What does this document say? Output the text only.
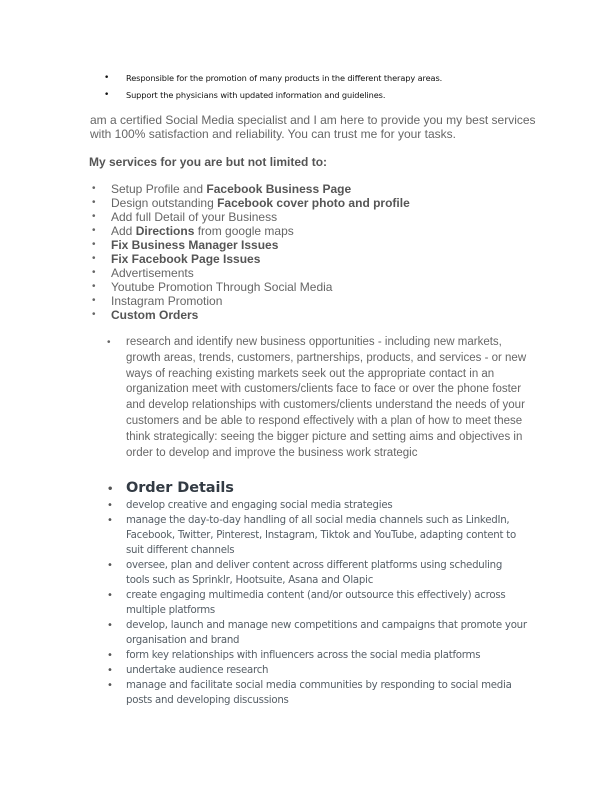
• Responsible for the promotion of many products in the different therapy areas.
• Support the physicians with updated information and guidelines.
am a certified Social Media specialist and I am here to provide you my best services with 100% satisfaction and reliability. You can trust me for your tasks.
My services for you are but not limited to:
• Setup Profile and Facebook Business Page
• Design outstanding Facebook cover photo and profile
• Add full Detail of your Business
• Add Directions from google maps
• Fix Business Manager Issues
• Fix Facebook Page Issues
• Advertisements
• Youtube Promotion Through Social Media
• Instagram Promotion
• Custom Orders
• research and identify new business opportunities - including new markets, growth areas, trends, customers, partnerships, products, and services - or new ways of reaching existing markets seek out the appropriate contact in an organization meet with customers/clients face to face or over the phone foster and develop relationships with customers/clients understand the needs of your customers and be able to respond effectively with a plan of how to meet these think strategically: seeing the bigger picture and setting aims and objectives in order to develop and improve the business work strategic
• Order Details
• develop creative and engaging social media strategies
• manage the day-to-day handling of all social media channels such as LinkedIn, Facebook, Twitter, Pinterest, Instagram, Tiktok and YouTube, adapting content to suit different channels
• oversee, plan and deliver content across different platforms using scheduling tools such as Sprinklr, Hootsuite, Asana and Olapic
• create engaging multimedia content (and/or outsource this effectively) across multiple platforms
• develop, launch and manage new competitions and campaigns that promote your organisation and brand
• form key relationships with influencers across the social media platforms
• undertake audience research
• manage and facilitate social media communities by responding to social media posts and developing discussions
